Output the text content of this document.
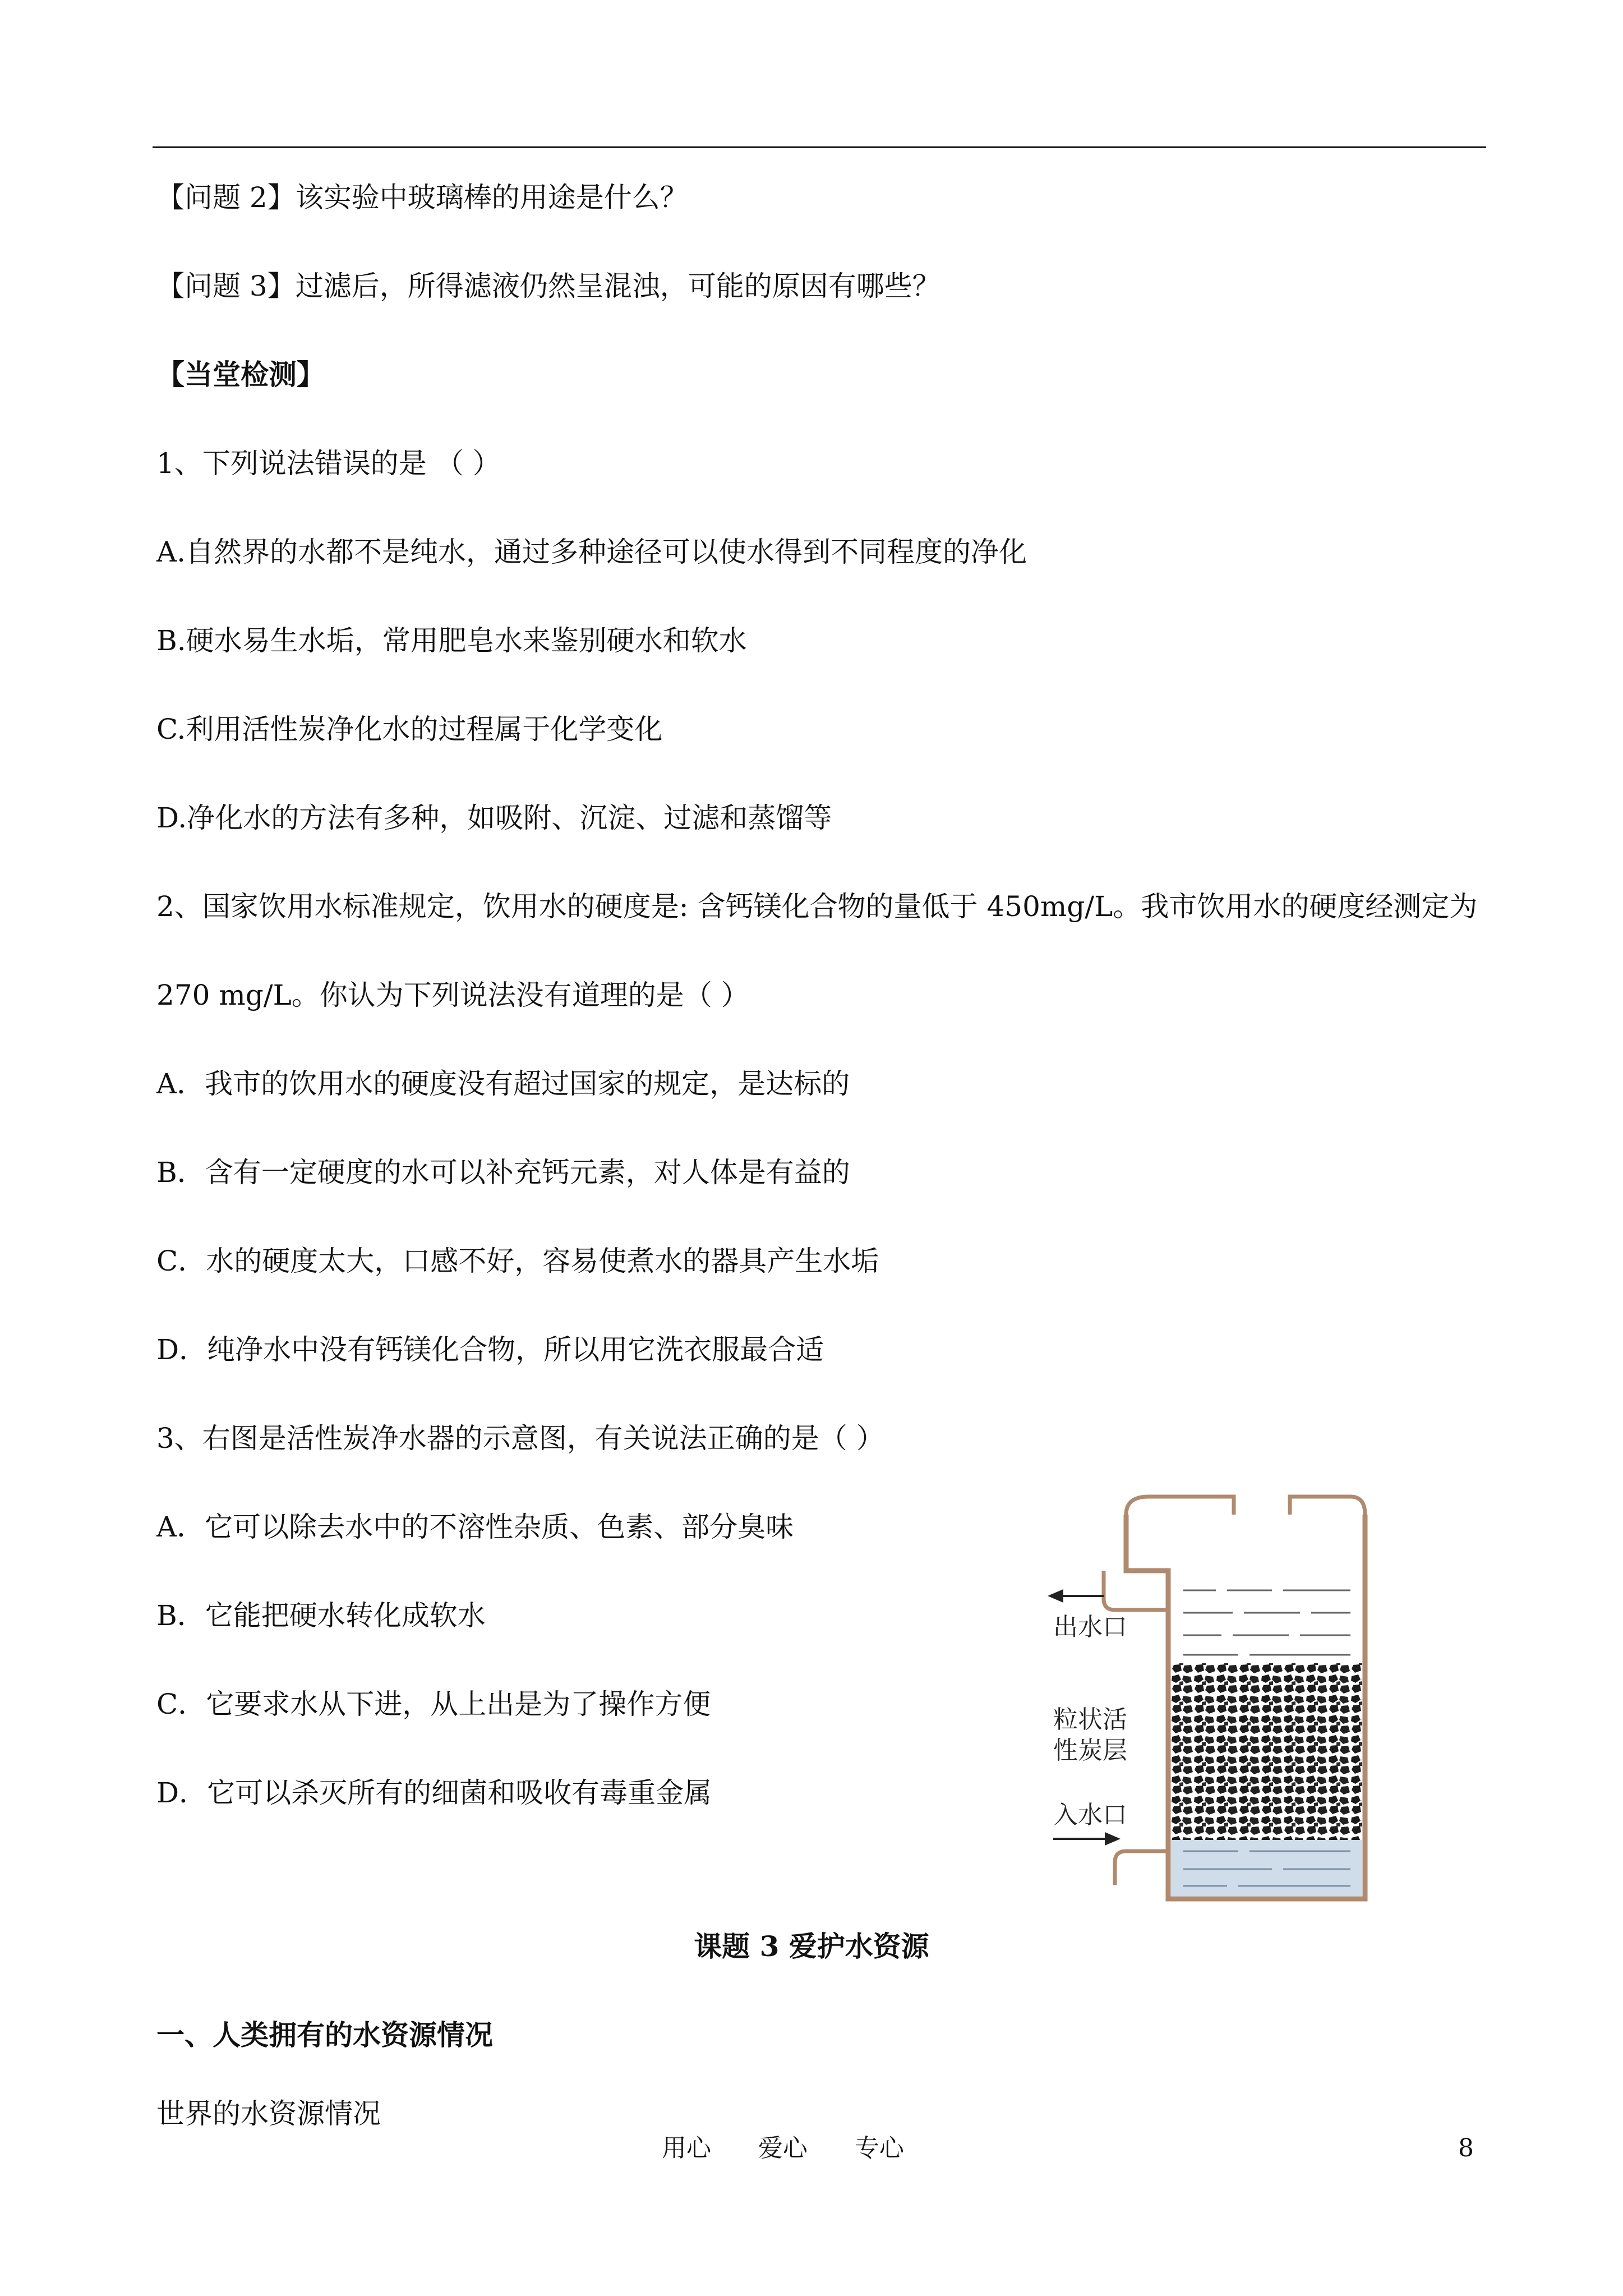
【问题 2】该实验中玻璃棒的用途是什么？
【问题 3】过滤后，所得滤液仍然呈混浊，可能的原因有哪些？
【当堂检测】
1、下列说法错误的是 （ ）
A.自然界的水都不是纯水，通过多种途径可以使水得到不同程度的净化
B.硬水易生水垢，常用肥皂水来鉴别硬水和软水
C.利用活性炭净化水的过程属于化学变化
D.净化水的方法有多种，如吸附、沉淀、过滤和蒸馏等
2、国家饮用水标准规定，饮用水的硬度是: 含钙镁化合物的量低于 450mg/L。我市饮用水的硬度经测定为
270 mg/L。你认为下列说法没有道理的是（ ）
A．我市的饮用水的硬度没有超过国家的规定，是达标的
B．含有一定硬度的水可以补充钙元素，对人体是有益的
C．水的硬度太大，口感不好，容易使煮水的器具产生水垢
D．纯净水中没有钙镁化合物，所以用它洗衣服最合适
3、右图是活性炭净水器的示意图，有关说法正确的是（ ）
A．它可以除去水中的不溶性杂质、色素、部分臭味
B．它能把硬水转化成软水
C．它要求水从下进，从上出是为了操作方便
D．它可以杀灭所有的细菌和吸收有毒重金属
出水口
粒状活
性炭层
入水口
课题 3 爱护水资源
一、人类拥有的水资源情况
世界的水资源情况
用心      爱心      专心	8
